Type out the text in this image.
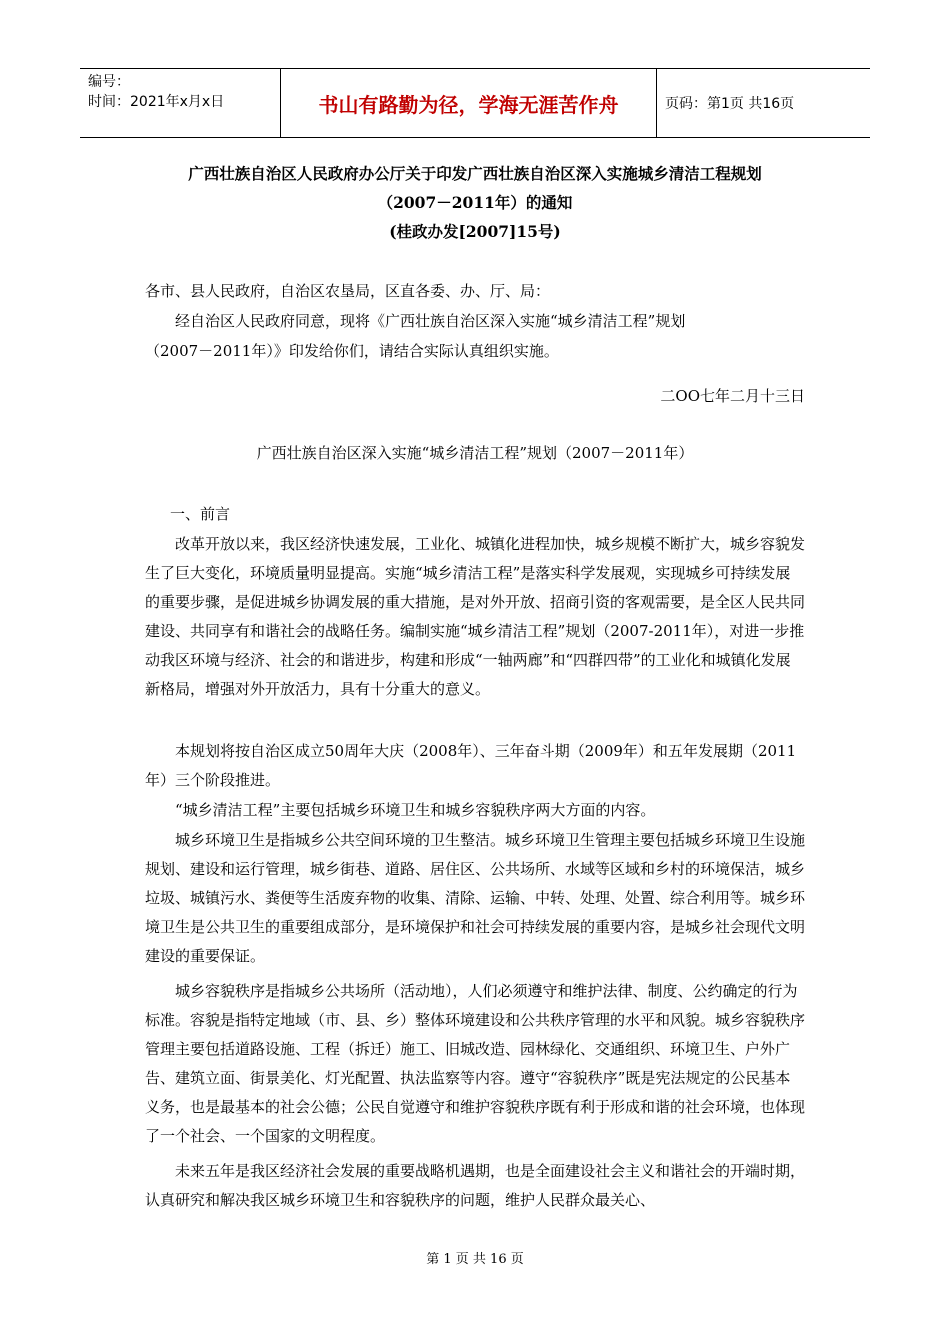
编号：
时间：2021年x月x日	书山有路勤为径，学海无涯苦作舟	页码：第1页 共16页
广西壮族自治区人民政府办公厅关于印发广西壮族自治区深入实施城乡清洁工程规划
（2007－2011年）的通知
(桂政办发[2007]15号)
各市、县人民政府，自治区农垦局，区直各委、办、厅、局：
经自治区人民政府同意，现将《广西壮族自治区深入实施“城乡清洁工程”规划
（2007－2011年）》印发给你们，请结合实际认真组织实施。
二OO七年二月十三日
广西壮族自治区深入实施“城乡清洁工程”规划（2007－2011年）
一、前言
改革开放以来，我区经济快速发展，工业化、城镇化进程加快，城乡规模不断扩大，城乡容貌发生了巨大变化，环境质量明显提高。实施“城乡清洁工程”是落实科学发展观，实现城乡可持续发展的重要步骤，是促进城乡协调发展的重大措施，是对外开放、招商引资的客观需要，是全区人民共同建设、共同享有和谐社会的战略任务。编制实施“城乡清洁工程”规划（2007-2011年），对进一步推动我区环境与经济、社会的和谐进步，构建和形成“一轴两廊”和“四群四带”的工业化和城镇化发展新格局，增强对外开放活力，具有十分重大的意义。
本规划将按自治区成立50周年大庆（2008年）、三年奋斗期（2009年）和五年发展期（2011年）三个阶段推进。
“城乡清洁工程”主要包括城乡环境卫生和城乡容貌秩序两大方面的内容。
城乡环境卫生是指城乡公共空间环境的卫生整洁。城乡环境卫生管理主要包括城乡环境卫生设施规划、建设和运行管理，城乡街巷、道路、居住区、公共场所、水域等区域和乡村的环境保洁，城乡垃圾、城镇污水、粪便等生活废弃物的收集、清除、运输、中转、处理、处置、综合利用等。城乡环境卫生是公共卫生的重要组成部分，是环境保护和社会可持续发展的重要内容，是城乡社会现代文明建设的重要保证。
城乡容貌秩序是指城乡公共场所（活动地），人们必须遵守和维护法律、制度、公约确定的行为标准。容貌是指特定地域（市、县、乡）整体环境建设和公共秩序管理的水平和风貌。城乡容貌秩序管理主要包括道路设施、工程（拆迁）施工、旧城改造、园林绿化、交通组织、环境卫生、户外广告、建筑立面、街景美化、灯光配置、执法监察等内容。遵守“容貌秩序”既是宪法规定的公民基本义务，也是最基本的社会公德；公民自觉遵守和维护容貌秩序既有利于形成和谐的社会环境，也体现了一个社会、一个国家的文明程度。
未来五年是我区经济社会发展的重要战略机遇期，也是全面建设社会主义和谐社会的开端时期，认真研究和解决我区城乡环境卫生和容貌秩序的问题，维护人民群众最关心、
第 1 页 共 16 页
